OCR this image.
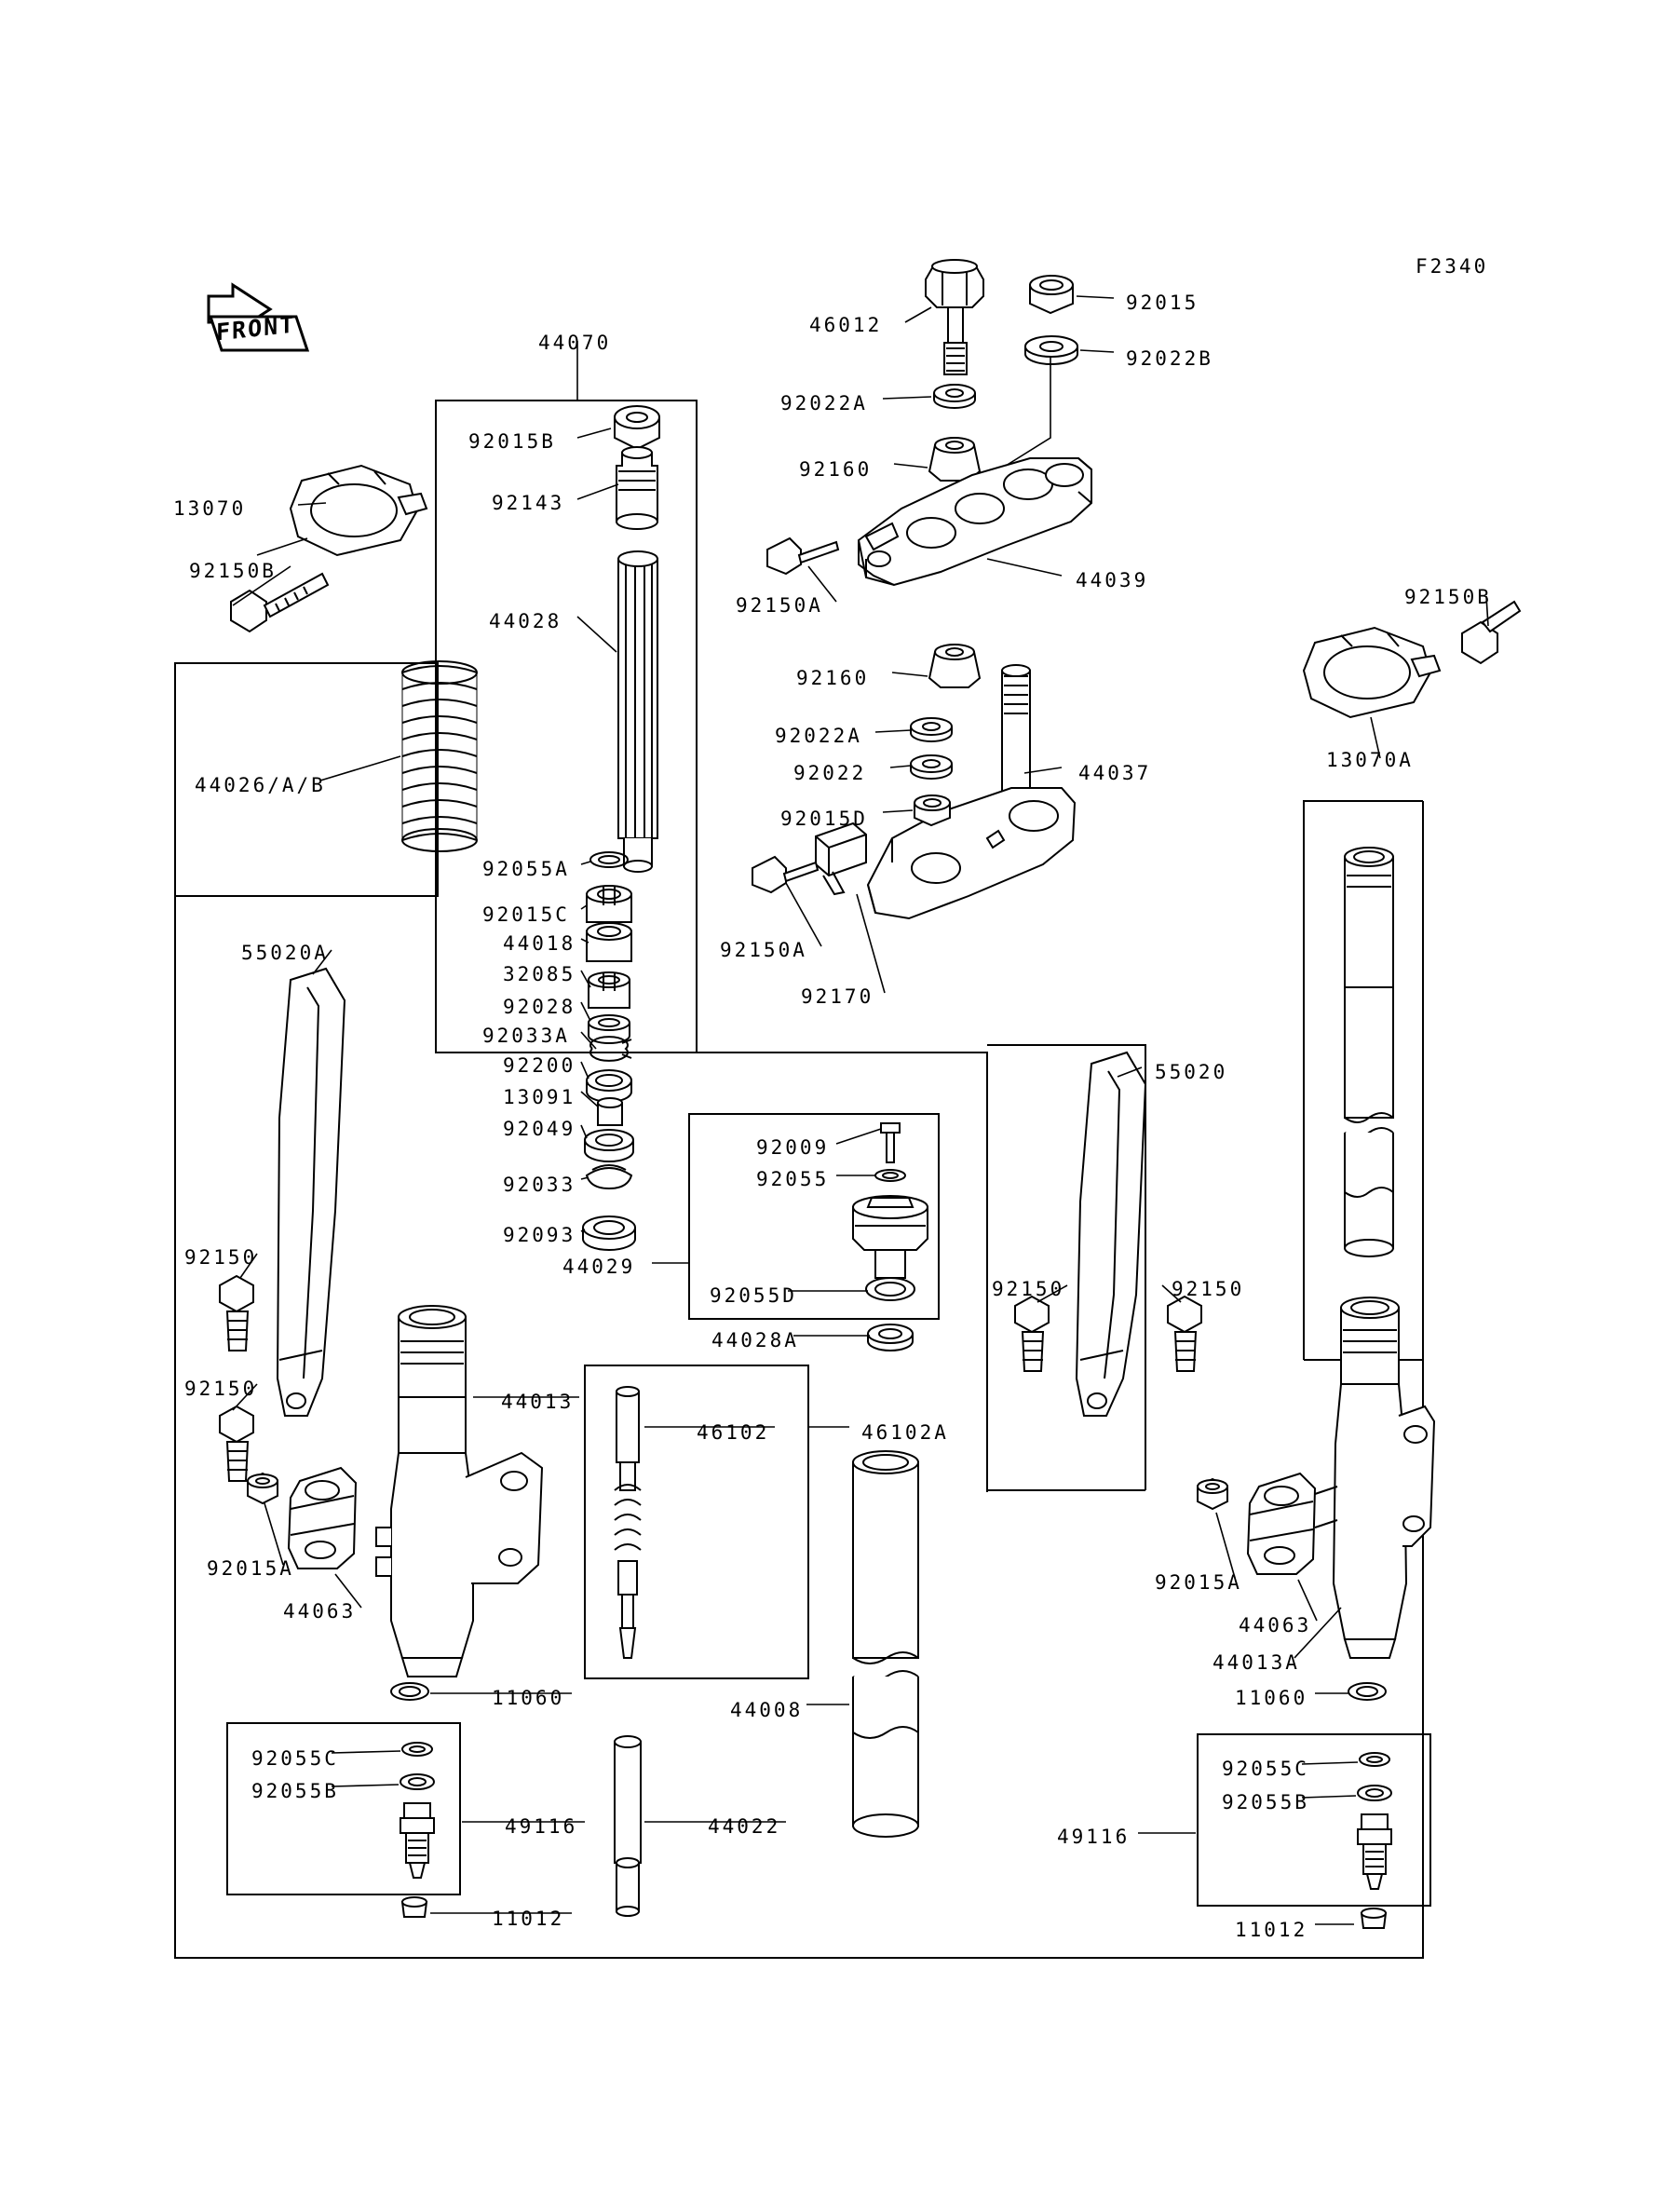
FRONT
F2340
44070
46012
92015
92022B
92022A
92015B
92160
13070	92143
92150B
92150A
44039
44028
92150B
92160
92022A
44037
92022
44026/A/B
92015D
13070A
92055A
92015C
92150A
44018
55020A
32085
92028	92170
92033A
92200
13091
92049
55020
92033
92009
92055
92093
44029
92055D	92150	92150
92150
44028A
92150
44013
46102	46102A
92015A
44063
92015A
44063
44013A
11060
44008
11060
92055C	92055C
92055B	92055B
49116	44022	49116
11012	11012
